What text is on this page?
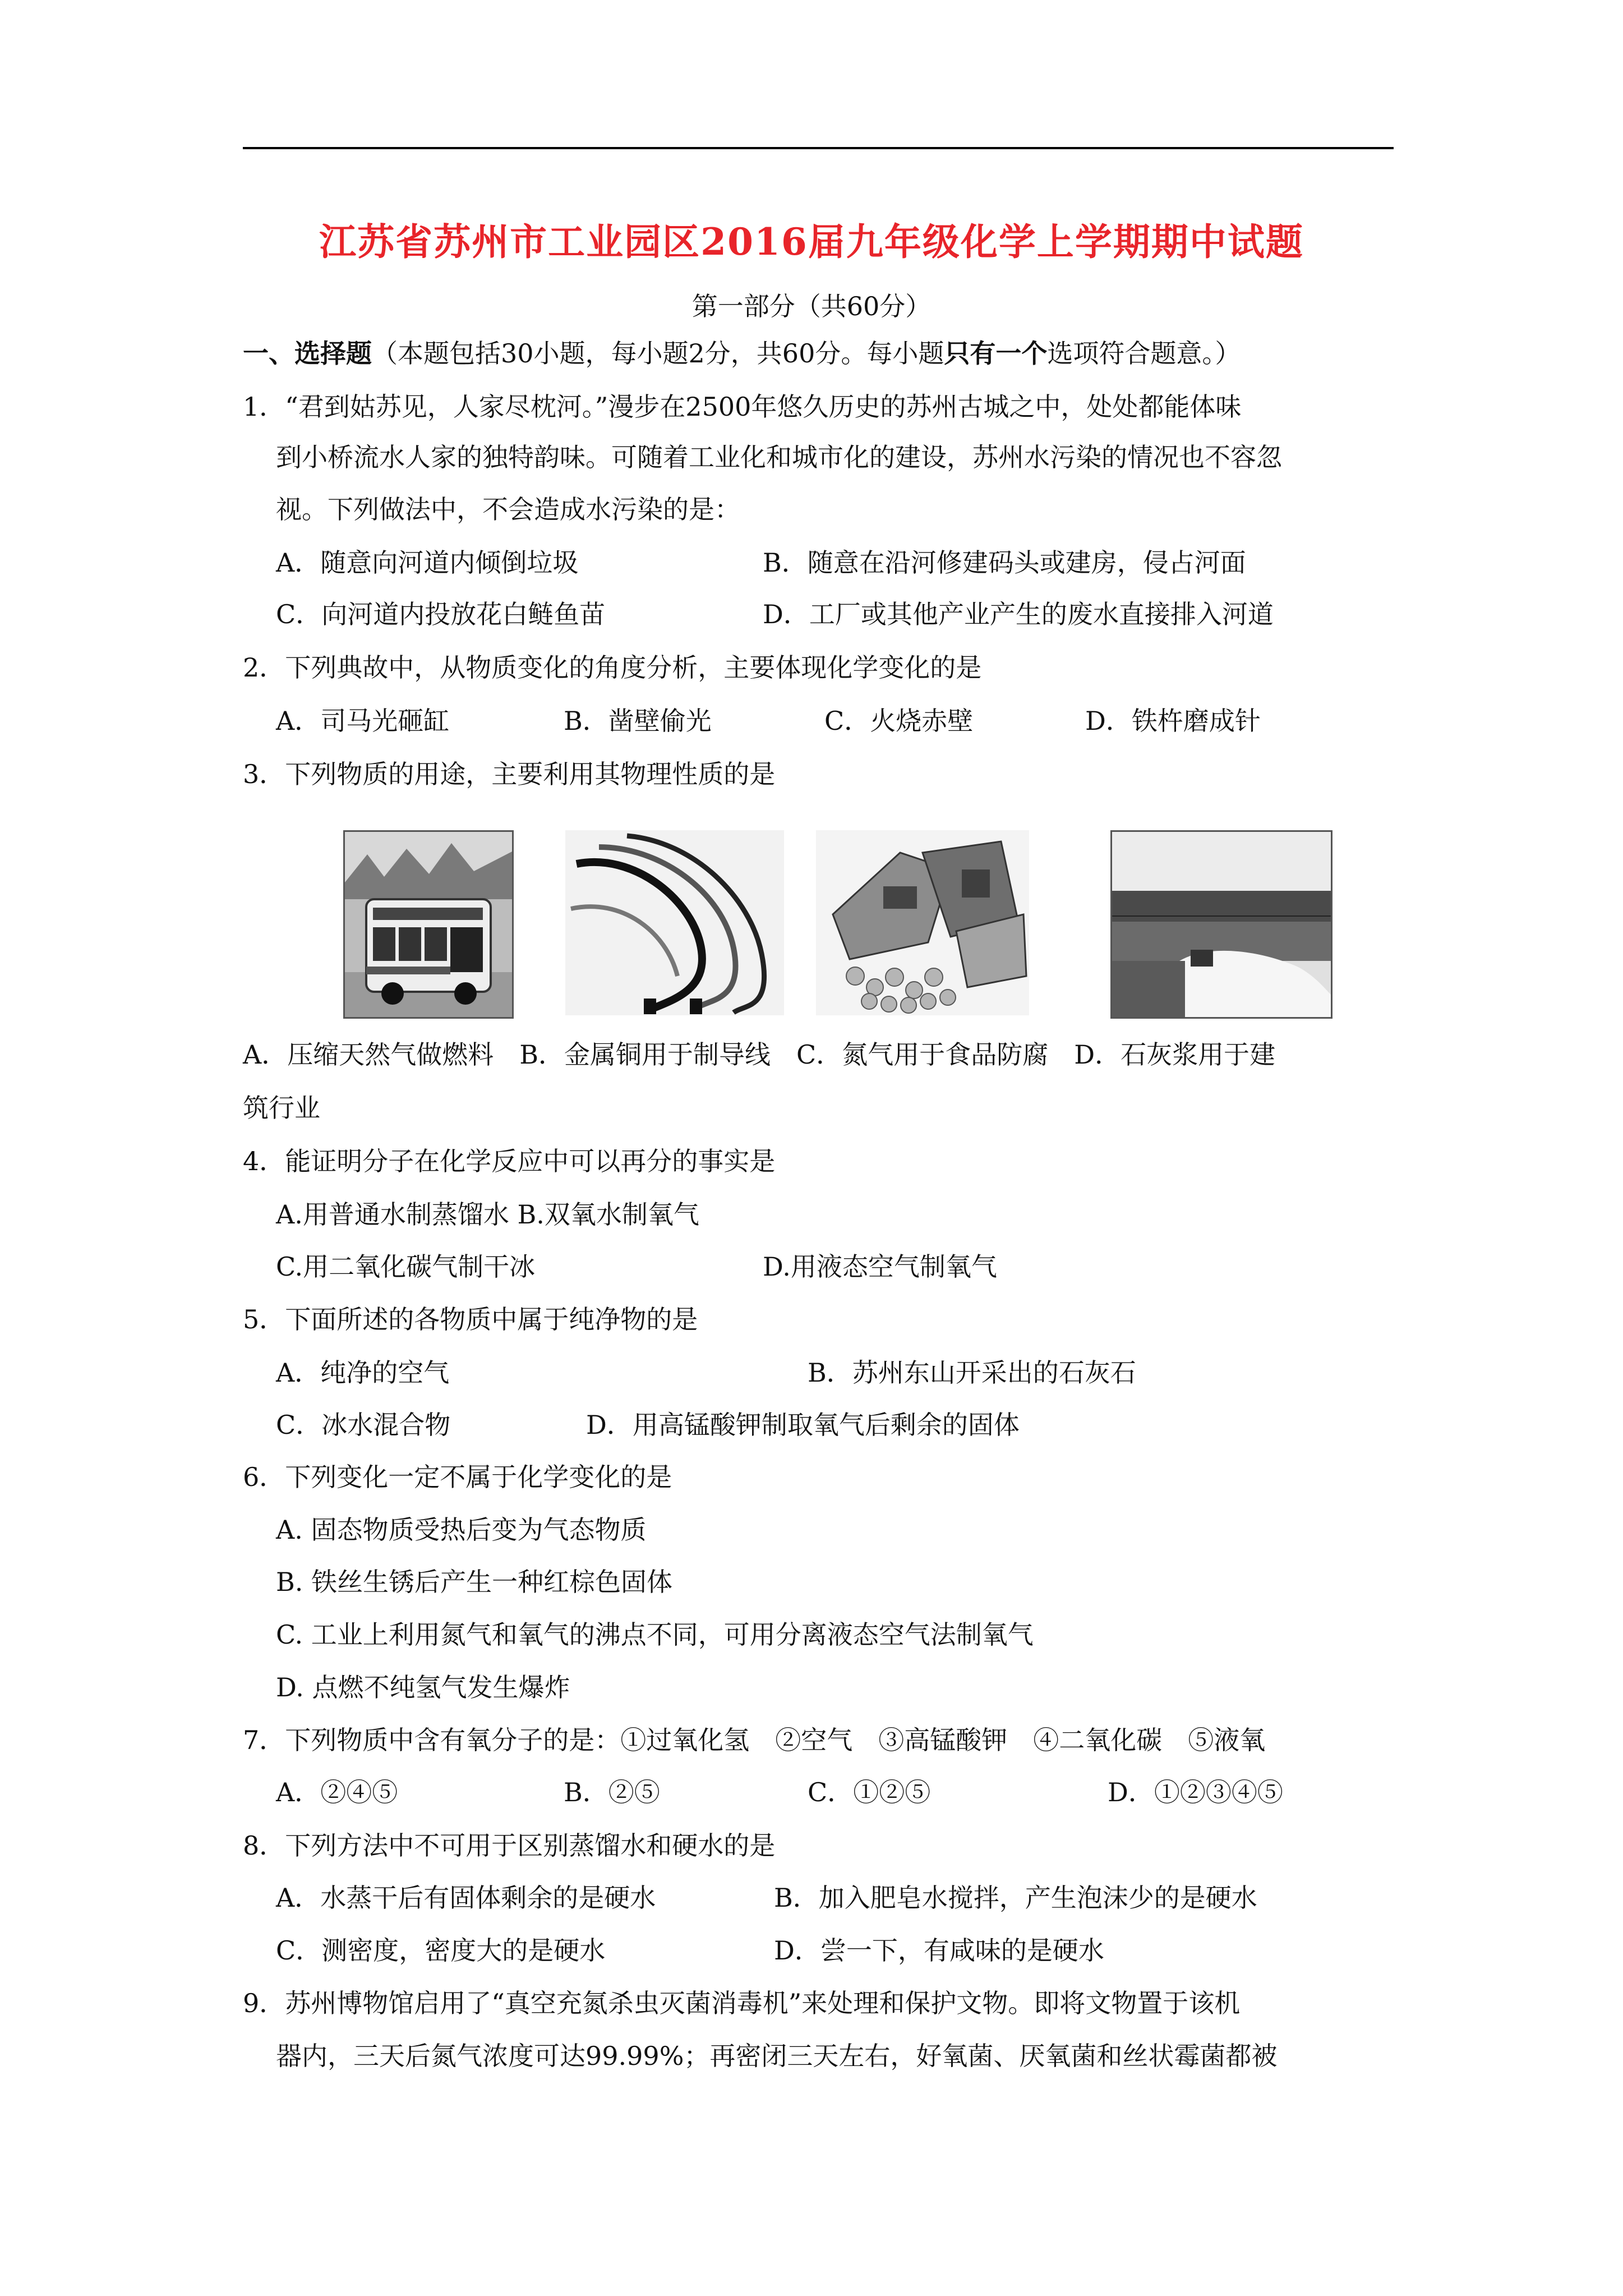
江苏省苏州市工业园区2016届九年级化学上学期期中试题
第一部分（共60分）
一、选择题（本题包括30小题，每小题2分，共60分。每小题只有一个选项符合题意。）
1．“君到姑苏见，人家尽枕河。”漫步在2500年悠久历史的苏州古城之中，处处都能体味
到小桥流水人家的独特韵味。可随着工业化和城市化的建设，苏州水污染的情况也不容忽
视。下列做法中，不会造成水污染的是：
A．随意向河道内倾倒垃圾	B．随意在沿河修建码头或建房，侵占河面
C．向河道内投放花白鲢鱼苗	D．工厂或其他产业产生的废水直接排入河道
2．下列典故中，从物质变化的角度分析，主要体现化学变化的是
A．司马光砸缸	B．凿壁偷光	C．火烧赤壁	D．铁杵磨成针
3．下列物质的用途，主要利用其物理性质的是
A．压缩天然气做燃料　B．金属铜用于制导线　C．氮气用于食品防腐　D．石灰浆用于建
筑行业
4．能证明分子在化学反应中可以再分的事实是
A.用普通水制蒸馏水 B.双氧水制氧气
C.用二氧化碳气制干冰	D.用液态空气制氧气
5．下面所述的各物质中属于纯净物的是
A．纯净的空气	B．苏州东山开采出的石灰石
C．冰水混合物	D．用高锰酸钾制取氧气后剩余的固体
6．下列变化一定不属于化学变化的是
A. 固态物质受热后变为气态物质
B. 铁丝生锈后产生一种红棕色固体
C. 工业上利用氮气和氧气的沸点不同，可用分离液态空气法制氧气
D. 点燃不纯氢气发生爆炸
7．下列物质中含有氧分子的是：①过氧化氢　②空气　③高锰酸钾　④二氧化碳　⑤液氧
A．②④⑤	B．②⑤	C．①②⑤	D．①②③④⑤
8．下列方法中不可用于区别蒸馏水和硬水的是
A．水蒸干后有固体剩余的是硬水	B．加入肥皂水搅拌，产生泡沫少的是硬水
C．测密度，密度大的是硬水	D．尝一下，有咸味的是硬水
9．苏州博物馆启用了“真空充氮杀虫灭菌消毒机”来处理和保护文物。即将文物置于该机
器内，三天后氮气浓度可达99.99%；再密闭三天左右，好氧菌、厌氧菌和丝状霉菌都被
